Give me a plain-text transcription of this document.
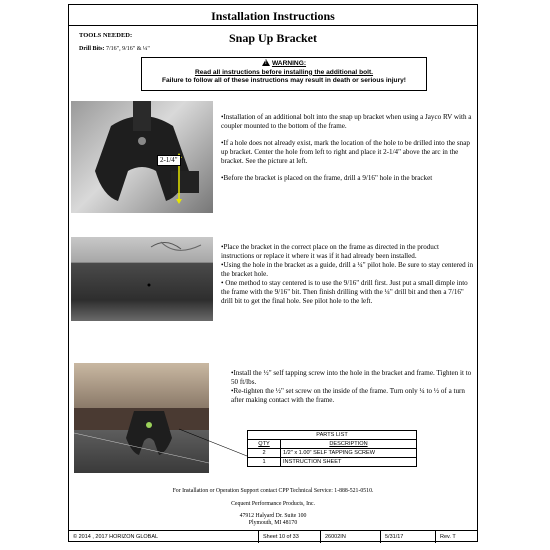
Installation Instructions
TOOLS NEEDED:
Drill Bits: 7/16", 9/16" & ¼"
Snap Up Bracket
!WARNING:
Read all instructions before installing the additional bolt.
Failure to follow all of these instructions may result in death or serious injury!
2-1/4"

•Installation of an additional bolt into the snap up bracket when using a Jayco RV with a coupler mounted to the bottom of the frame.

•If a hole does not already exist, mark the location of the hole to be drilled into the snap up bracket. Center the hole from left to right and place it 2-1/4" above the arc in the bracket. See the picture at left.

•Before the bracket is placed on the frame, drill a 9/16" hole in the bracket

•Place the bracket in the correct place on the frame as directed in the product instructions or replace it where it was if it had already been installed.

•Using the hole in the bracket as a guide, drill a ¼" pilot hole. Be sure to stay centered in the bracket hole.

• One method to stay centered is to use the 9/16" drill first. Just put a small dimple into the frame with the 9/16" bit. Then finish drilling with the ¼" drill bit and then a 7/16" drill bit to get the final hole. See pilot hole to the left.

•Install the ½" self tapping screw into the hole in the bracket and frame. Tighten it to 50 ft/lbs.

•Re-tighten the ½" set screw on the inside of the frame. Turn only ¼ to ½ of a turn after making contact with the frame.

PARTS LIST	
QTY	DESCRIPTION
2	1/2" x 1.00" SELF TAPPING SCREW
1	INSTRUCTION SHEET
For Installation or Operation Support contact CPP Technical Service: 1-888-521-0510.
Cequent Performance Products, Inc.
47912 Halyard Dr. Suite 100
Plymouth, MI 48170
© 2014 , 2017 HORIZON GLOBAL	Sheet 10 of 33	26002IN	5/31/17	Rev. T
